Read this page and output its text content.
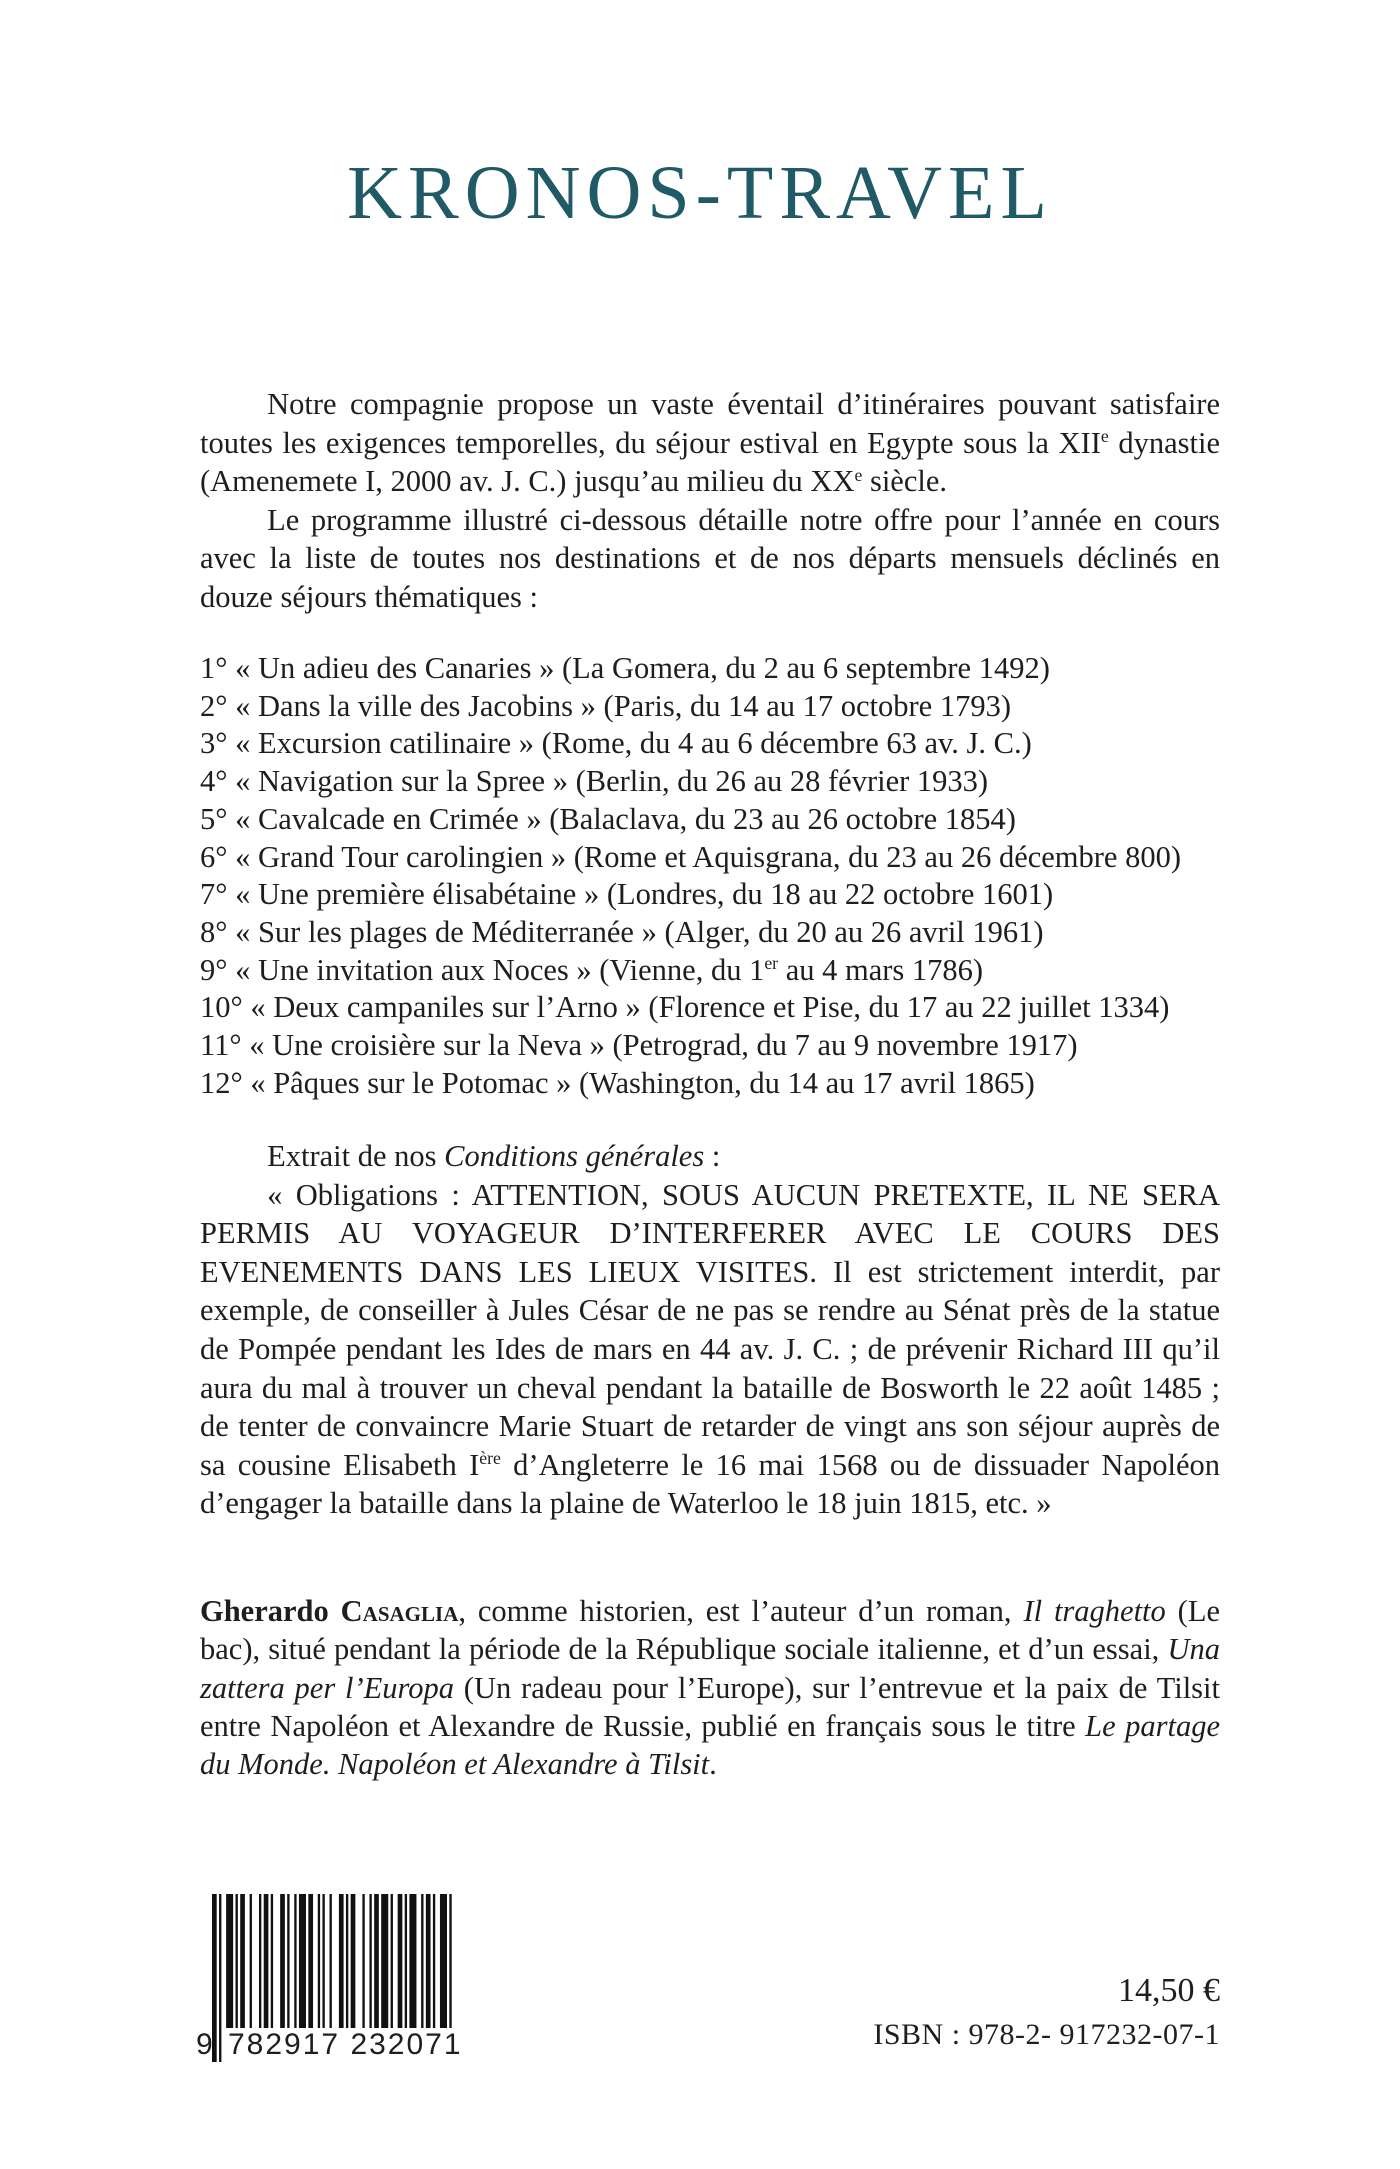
KRONOS-TRAVEL

Notre compagnie propose un vaste éventail d’itinéraires pouvant satisfaire toutes les exigences temporelles, du séjour estival en Egypte sous la XIIe dynastie (Amenemete I, 2000 av. J. C.) jusqu’au milieu du XXe siècle.

Le programme illustré ci-dessous détaille notre offre pour l’année en cours avec la liste de toutes nos destinations et de nos départs mensuels déclinés en douze séjours thématiques :

1° « Un adieu des Canaries » (La Gomera, du 2 au 6 septembre 1492)
2° « Dans la ville des Jacobins » (Paris, du 14 au 17 octobre 1793)
3° « Excursion catilinaire » (Rome, du 4 au 6 décembre 63 av. J. C.)
4° « Navigation sur la Spree » (Berlin, du 26 au 28 février 1933)
5° « Cavalcade en Crimée » (Balaclava, du 23 au 26 octobre 1854)
6° « Grand Tour carolingien » (Rome et Aquisgrana, du 23 au 26 décembre 800)
7° « Une première élisabétaine » (Londres, du 18 au 22 octobre 1601)
8° « Sur les plages de Méditerranée » (Alger, du 20 au 26 avril 1961)
9° « Une invitation aux Noces » (Vienne, du 1er au 4 mars 1786)
10° « Deux campaniles sur l’Arno » (Florence et Pise, du 17 au 22 juillet 1334)
11° « Une croisière sur la Neva » (Petrograd, du 7 au 9 novembre 1917)
12° « Pâques sur le Potomac » (Washington, du 14 au 17 avril 1865)

Extrait de nos Conditions générales :

« Obligations : ATTENTION, SOUS AUCUN PRETEXTE, IL NE SERA

PERMIS AU VOYAGEUR D’INTERFERER AVEC LE COURS DES

EVENEMENTS DANS LES LIEUX VISITES. Il est strictement interdit, par exemple, de conseiller à Jules César de ne pas se rendre au Sénat près de la statue de Pompée pendant les Ides de mars en 44 av. J. C. ; de prévenir Richard III qu’il aura du mal à trouver un cheval pendant la bataille de Bosworth le 22 août 1485 ; de tenter de convaincre Marie Stuart de retarder de vingt ans son séjour auprès de sa cousine Elisabeth Ière d’Angleterre le 16 mai 1568 ou de dissuader Napoléon d’engager la bataille dans la plaine de Waterloo le 18 juin 1815, etc. »

Gherardo Casaglia, comme historien, est l’auteur d’un roman, Il traghetto (Le bac), situé pendant la période de la République sociale italienne, et d’un essai, Una zattera per l’Europa (Un radeau pour l’Europe), sur l’entrevue et la paix de Tilsit entre Napoléon et Alexandre de Russie, publié en français sous le titre Le partage du Monde. Napoléon et Alexandre à Tilsit.

9 782917 232071
14,50 €
ISBN : 978-2- 917232-07-1
